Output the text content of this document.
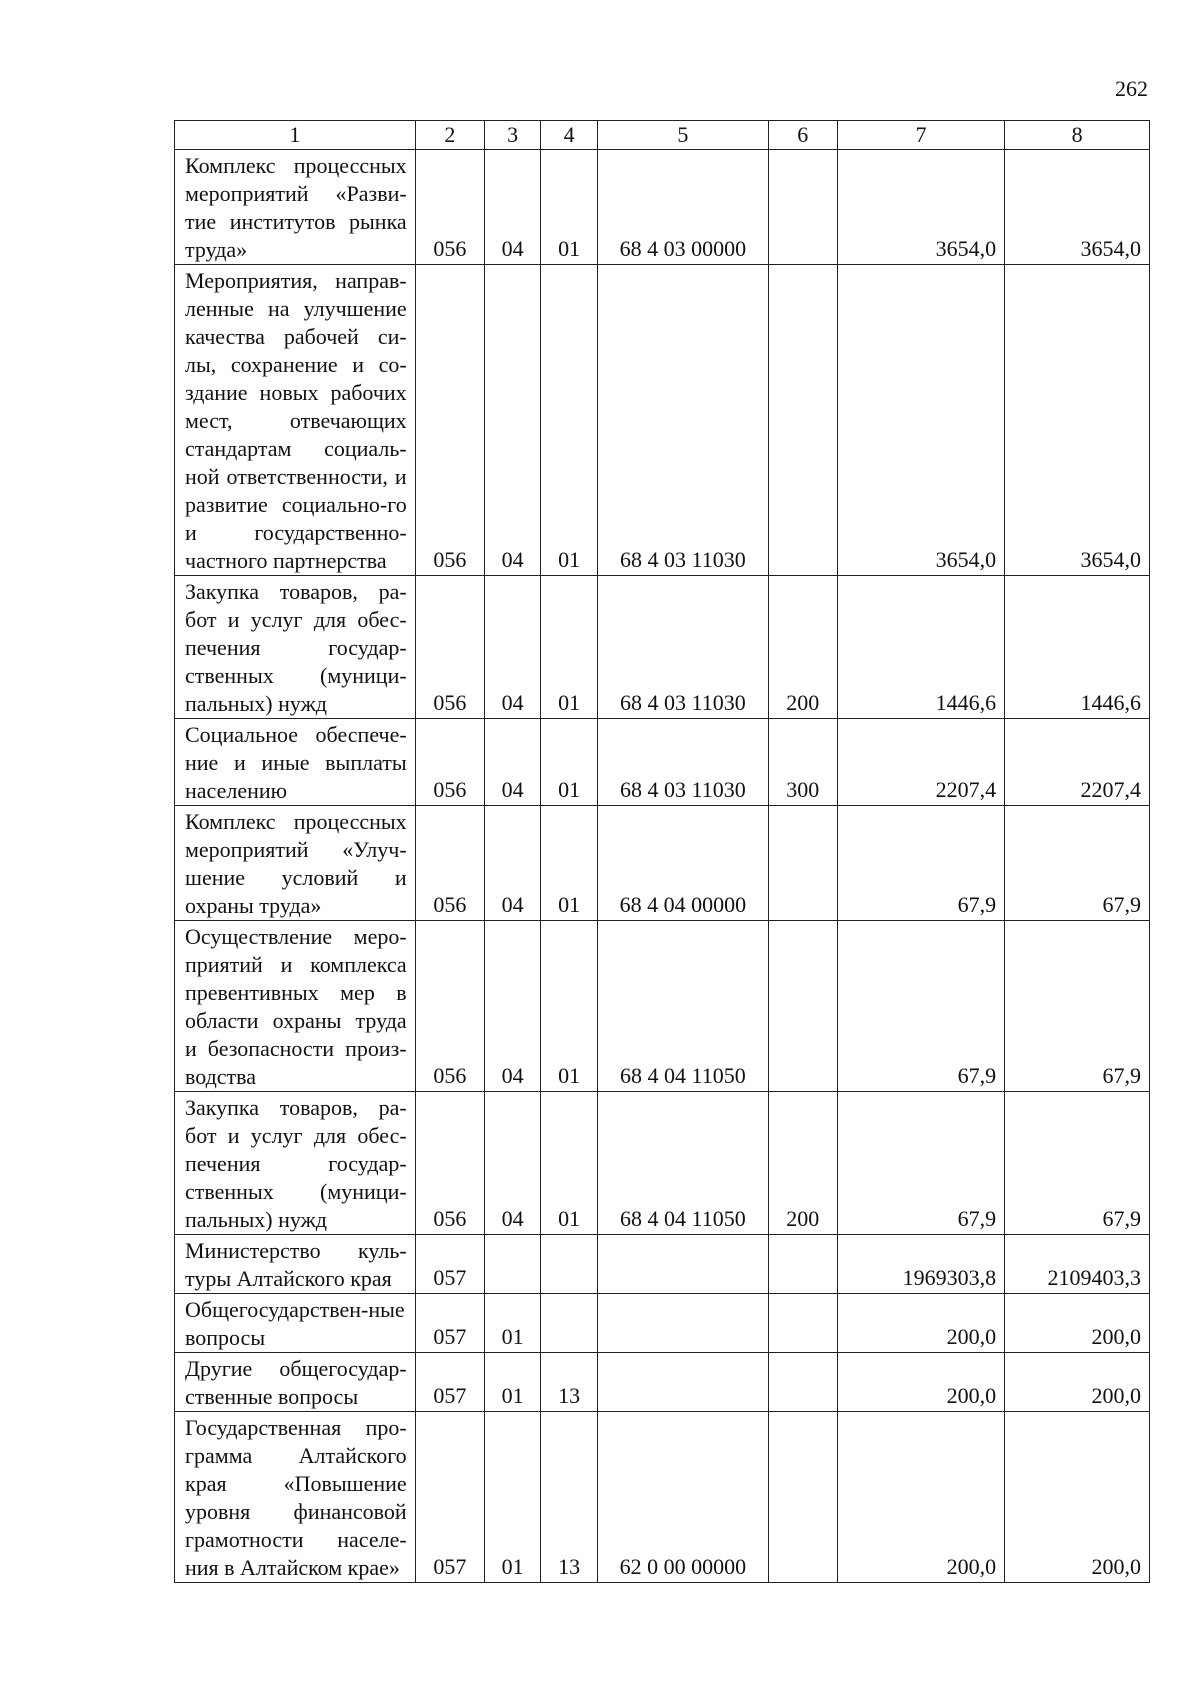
262
1	2	3	4	5	6	7	8
Комплекс процессных мероприятий «Разви-тие институтов рынка труда»	056	04	01	68 4 03 00000		3654,0	3654,0
Мероприятия, направ-ленные на улучшение качества рабочей си-лы, сохранение и со-здание новых рабочих мест, отвечающих стандартам социаль-ной ответственности, и развитие социально-го и государственно-частного партнерства	056	04	01	68 4 03 11030		3654,0	3654,0
Закупка товаров, ра-бот и услуг для обес-печения государ-ственных (муници-пальных) нужд	056	04	01	68 4 03 11030	200	1446,6	1446,6
Социальное обеспече-ние и иные выплаты населению	056	04	01	68 4 03 11030	300	2207,4	2207,4
Комплекс процессных мероприятий «Улуч-шение условий и охраны труда»	056	04	01	68 4 04 00000		67,9	67,9
Осуществление меро-приятий и комплекса превентивных мер в области охраны труда и безопасности произ-водства	056	04	01	68 4 04 11050		67,9	67,9
Закупка товаров, ра-бот и услуг для обес-печения государ-ственных (муници-пальных) нужд	056	04	01	68 4 04 11050	200	67,9	67,9
Министерство куль-туры Алтайского края	057					1969303,8	2109403,3
Общегосударствен-ные вопросы	057	01				200,0	200,0
Другие общегосудар-ственные вопросы	057	01	13			200,0	200,0
Государственная про-грамма Алтайского края «Повышение уровня финансовой грамотности населе-ния в Алтайском крае»	057	01	13	62 0 00 00000		200,0	200,0
